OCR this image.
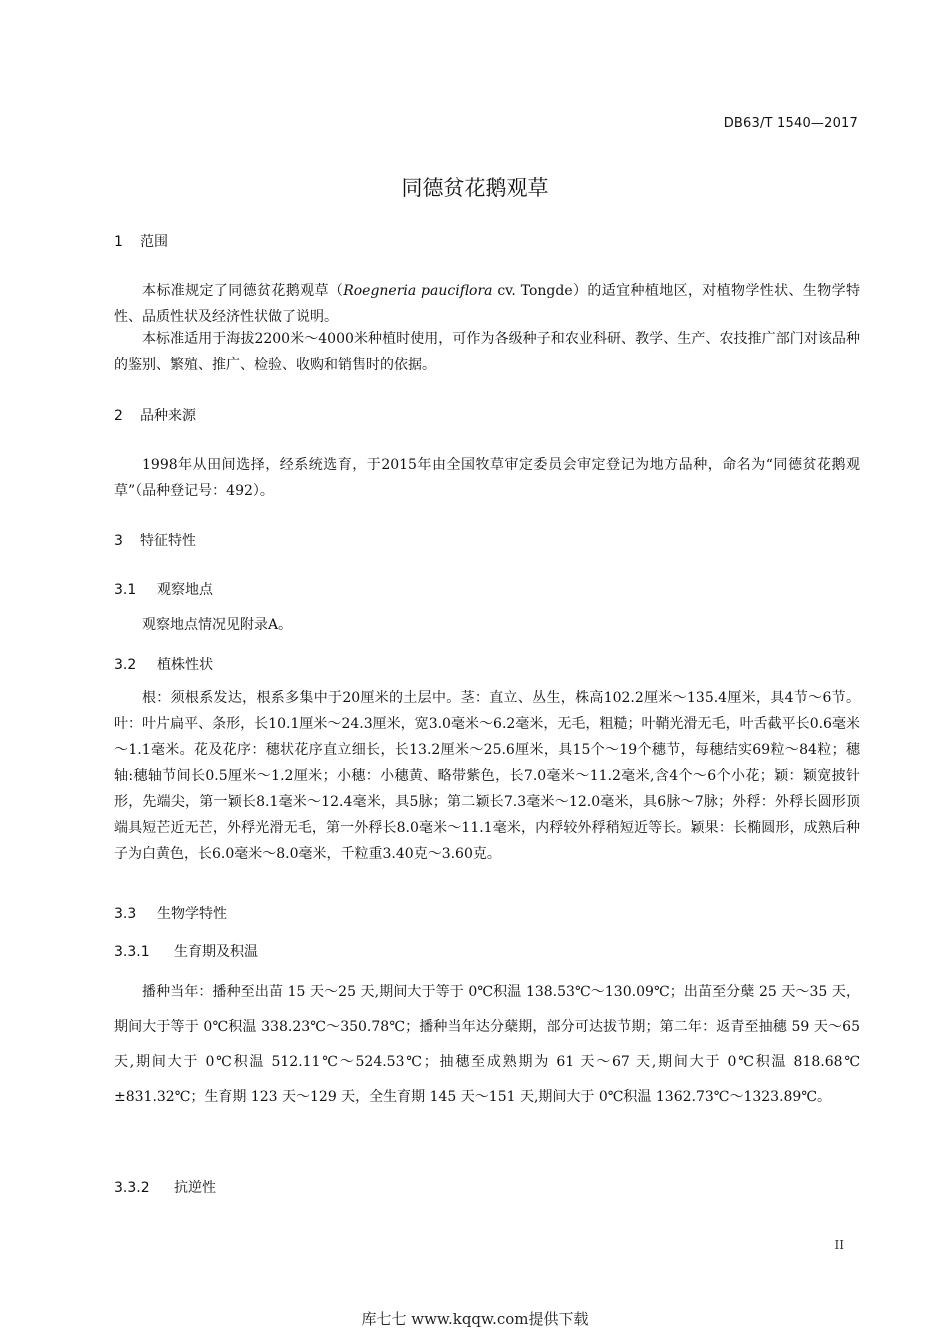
DB63/T 1540—2017
同德贫花鹅观草
1 范围

本标准规定了同德贫花鹅观草（Roegneria pauciflora cv. Tongde）的适宜种植地区，对植物学性状、生物学特性、品质性状及经济性状做了说明。

本标准适用于海拔2200米～4000米种植时使用，可作为各级种子和农业科研、教学、生产、农技推广部门对该品种的鉴别、繁殖、推广、检验、收购和销售时的依据。

2 品种来源

1998年从田间选择，经系统选育，于2015年由全国牧草审定委员会审定登记为地方品种，命名为“同德贫花鹅观草”（品种登记号：492）。

3 特征特性
3.1 观察地点

观察地点情况见附录A。

3.2 植株性状

根：须根系发达，根系多集中于20厘米的土层中。茎：直立、丛生，株高102.2厘米～135.4厘米，具4节～6节。叶：叶片扁平、条形，长10.1厘米～24.3厘米，宽3.0毫米～6.2毫米，无毛，粗糙；叶鞘光滑无毛，叶舌截平长0.6毫米～1.1毫米。花及花序：穗状花序直立细长，长13.2厘米～25.6厘米，具15个～19个穗节，每穗结实69粒～84粒；穗轴:穗轴节间长0.5厘米～1.2厘米；小穗：小穗黄、略带紫色，长7.0毫米～11.2毫米,含4个～6个小花；颖：颖宽披针形，先端尖，第一颖长8.1毫米～12.4毫米，具5脉；第二颖长7.3毫米～12.0毫米，具6脉～7脉；外稃：外稃长圆形顶端具短芒近无芒，外稃光滑无毛，第一外稃长8.0毫米～11.1毫米，内稃较外稃稍短近等长。颖果：长椭圆形，成熟后种子为白黄色，长6.0毫米～8.0毫米，千粒重3.40克～3.60克。

3.3 生物学特性
3.3.1 生育期及积温

播种当年：播种至出苗 15 天～25 天,期间大于等于 0℃积温 138.53℃～130.09℃；出苗至分蘖 25 天～35 天， 期间大于等于 0℃积温 338.23℃～350.78℃；播种当年达分蘖期，部分可达拔节期；第二年：返青至抽穗 59 天～65 天,期间大于 0℃积温 512.11℃～524.53℃；抽穗至成熟期为 61 天～67 天,期间大于 0℃积温 818.68℃±831.32℃；生育期 123 天～129 天，全生育期 145 天～151 天,期间大于 0℃积温 1362.73℃～1323.89℃。

3.3.2 抗逆性
II
库七七 www.kqqw.com提供下载
